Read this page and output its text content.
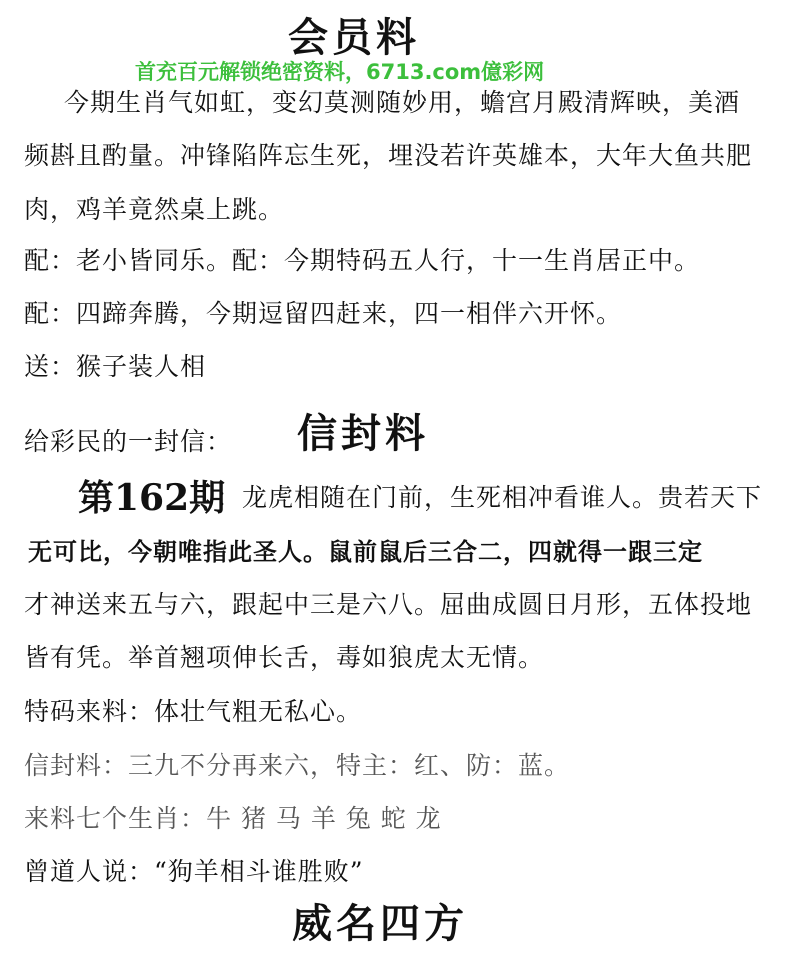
会员料
首充百元解锁绝密资料，6713.com億彩网
今期生肖气如虹，变幻莫测随妙用，蟾宫月殿清辉映，美酒
频斟且酌量。冲锋陷阵忘生死，埋没若许英雄本，大年大鱼共肥
肉，鸡羊竟然桌上跳。
配：老小皆同乐。配：今期特码五人行，十一生肖居正中。
配：四蹄奔腾，今期逗留四赶来，四一相伴六开怀。
送：猴子装人相
给彩民的一封信： 信封料
第162期
：龙虎相随在门前，生死相冲看谁人。贵若天下
无可比，今朝唯指此圣人。鼠前鼠后三合二，四就得一跟三定
才神送来五与六，跟起中三是六八。屈曲成圆日月形，五体投地
皆有凭。举首翘项伸长舌，毒如狼虎太无情。
特码来料：体壮气粗无私心。
信封料：三九不分再来六，特主：红、防：蓝。
来料七个生肖：牛 猪 马 羊 兔 蛇 龙
曾道人说：“狗羊相斗谁胜败”
威名四方
